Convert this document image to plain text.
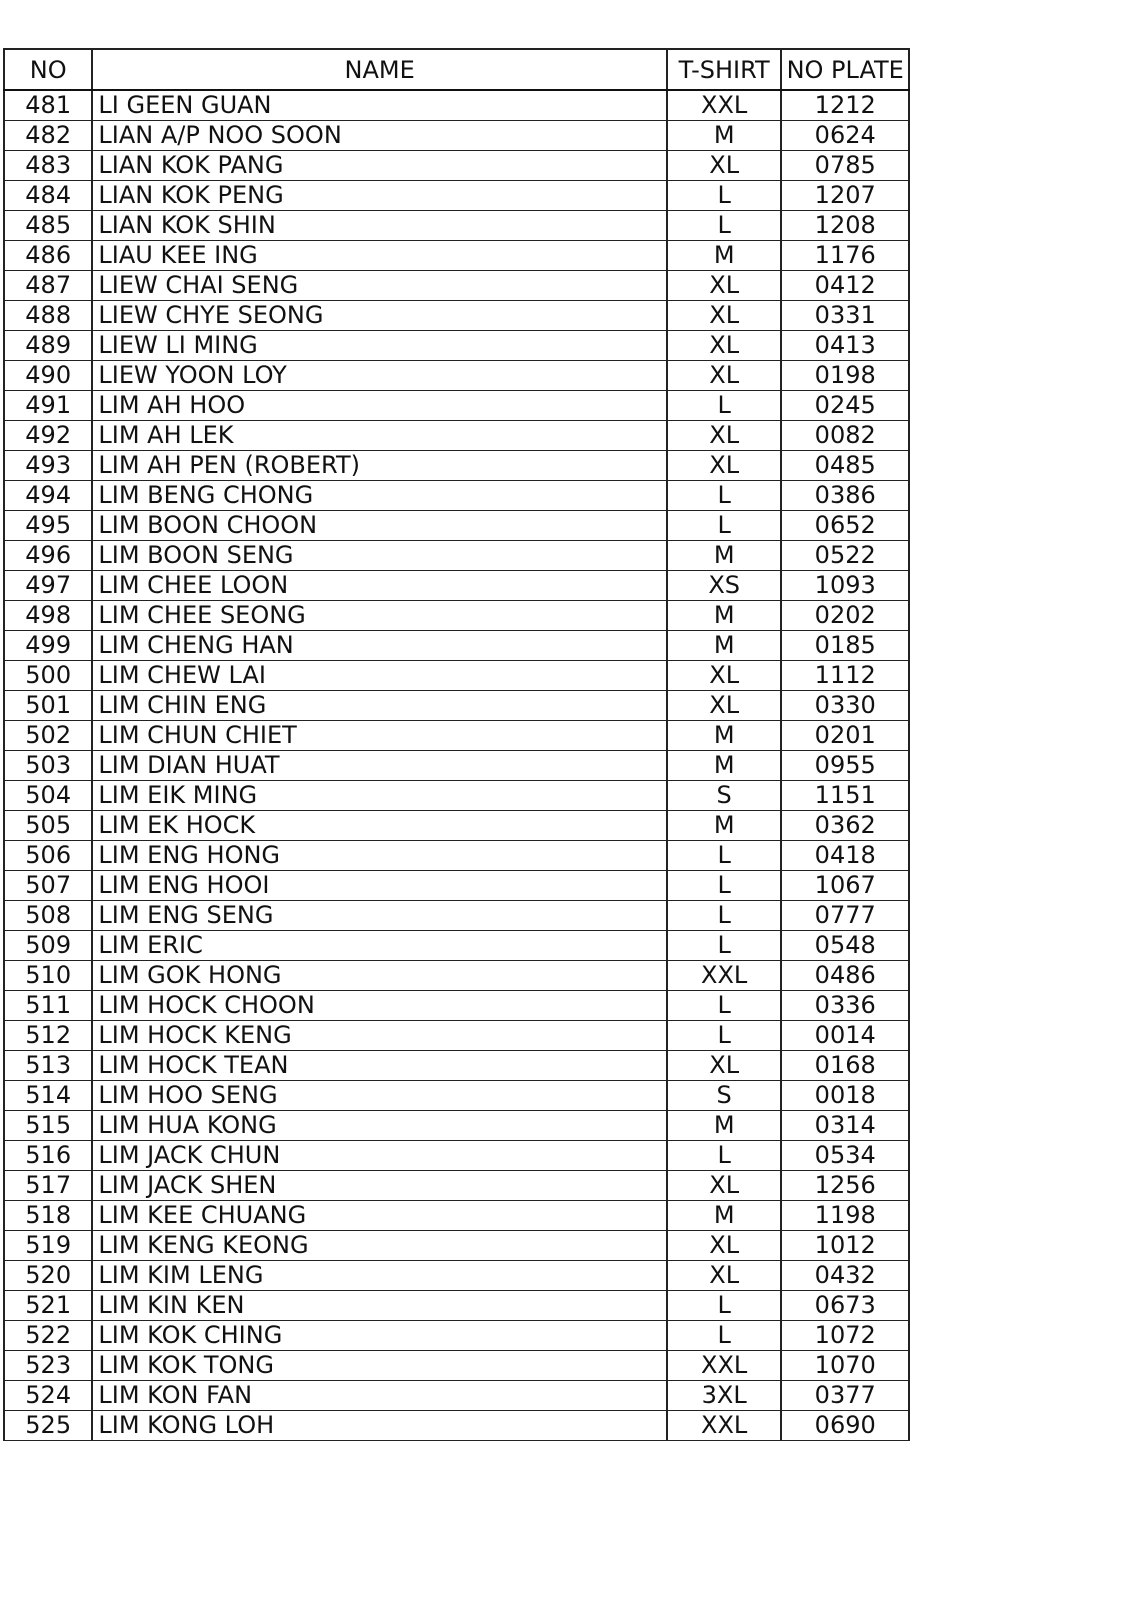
NO	NAME	T-SHIRT	NO PLATE
481	LI GEEN GUAN	XXL	1212
482	LIAN A/P NOO SOON	M	0624
483	LIAN KOK PANG	XL	0785
484	LIAN KOK PENG	L	1207
485	LIAN KOK SHIN	L	1208
486	LIAU KEE ING	M	1176
487	LIEW CHAI SENG	XL	0412
488	LIEW CHYE SEONG	XL	0331
489	LIEW LI MING	XL	0413
490	LIEW YOON LOY	XL	0198
491	LIM AH HOO	L	0245
492	LIM AH LEK	XL	0082
493	LIM AH PEN (ROBERT)	XL	0485
494	LIM BENG CHONG	L	0386
495	LIM BOON CHOON	L	0652
496	LIM BOON SENG	M	0522
497	LIM CHEE LOON	XS	1093
498	LIM CHEE SEONG	M	0202
499	LIM CHENG HAN	M	0185
500	LIM CHEW LAI	XL	1112
501	LIM CHIN ENG	XL	0330
502	LIM CHUN CHIET	M	0201
503	LIM DIAN HUAT	M	0955
504	LIM EIK MING	S	1151
505	LIM EK HOCK	M	0362
506	LIM ENG HONG	L	0418
507	LIM ENG HOOI	L	1067
508	LIM ENG SENG	L	0777
509	LIM ERIC	L	0548
510	LIM GOK HONG	XXL	0486
511	LIM HOCK CHOON	L	0336
512	LIM HOCK KENG	L	0014
513	LIM HOCK TEAN	XL	0168
514	LIM HOO SENG	S	0018
515	LIM HUA KONG	M	0314
516	LIM JACK CHUN	L	0534
517	LIM JACK SHEN	XL	1256
518	LIM KEE CHUANG	M	1198
519	LIM KENG KEONG	XL	1012
520	LIM KIM LENG	XL	0432
521	LIM KIN KEN	L	0673
522	LIM KOK CHING	L	1072
523	LIM KOK TONG	XXL	1070
524	LIM KON FAN	3XL	0377
525	LIM KONG LOH	XXL	0690
